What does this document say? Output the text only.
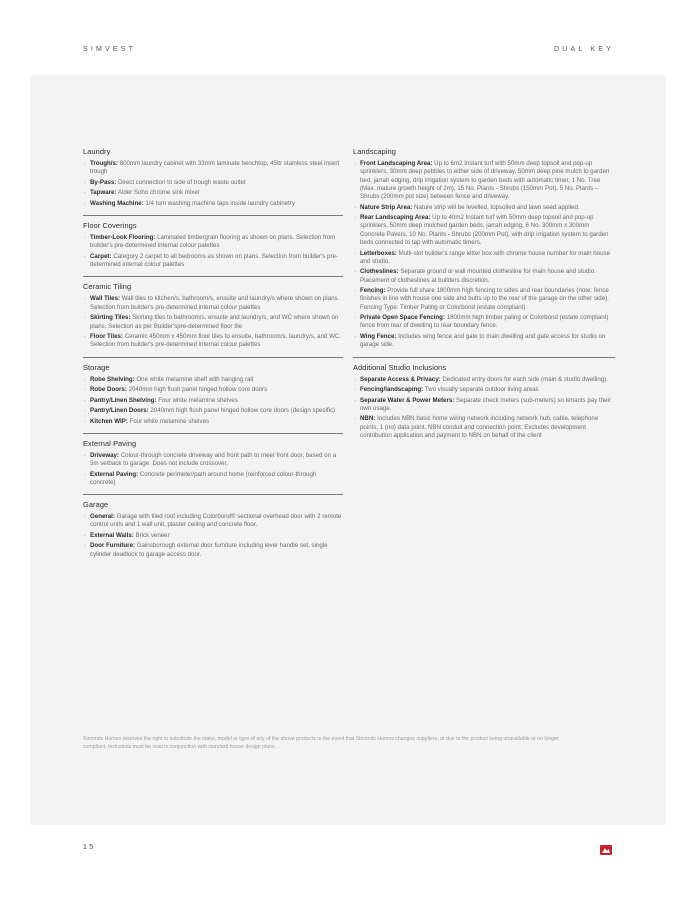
SIMVEST	DUAL KEY
Laundry
· Trough/s: 800mm laundry cabinet with 33mm laminate benchtop, 45ltr stainless steel insert trough
· By-Pass: Direct connection to side of trough waste outlet
· Tapware: Alder Soho chrome sink mixer
· Washing Machine: 1/4 turn washing machine taps inside laundry cabinetry
Floor Coverings
· Timber-Look Flooring: Laminated timbergrain flooring as shown on plans. Selection from builder's pre-determined internal colour palettes
· Carpet: Category 2 carpet to all bedrooms as shown on plans. Selection from builder's pre-determined internal colour palettes
Ceramic Tiling
· Wall Tiles: Wall tiles to kitchen/s, bathroom/s, ensuite and laundry/s where shown on plans. Selection from builder's pre-determined internal colour palettes
· Skirting Tiles: Skirting tiles to bathroom/s, ensuite and laundry/s, and WC where shown on plans. Selection as per Builder'spre-determined floor tile
· Floor Tiles: Ceramic 450mm x 450mm floor tiles to ensuite, bathroom/s, laundry/s, and WC. Selection from builder's pre-determined internal colour palettes
Storage
· Robe Shelving: One white melamine shelf with hanging rail
· Robe Doors: 2040mm high flush panel hinged hollow core doors
· Pantry/Linen Shelving: Four white melamine shelves
· Pantry/Linen Doors: 2040mm high flush panel hinged hollow core doors (design specific)
· Kitchen WIP: Four white melamine shelves
External Paving
· Driveway: Colour-through concrete driveway and front path to meet front door, based on a 5m setback to garage. Does not include crossover.
· External Paving: Concrete perimeter/path around home (reinforced colour-through concrete)
Garage
· General: Garage with tiled roof including Colorbond® sectional overhead door with 2 remote control units and 1 wall unit, plaster ceiling and concrete floor.
· External Walls: Brick veneer
· Door Furniture: Gainsborough external door furniture including lever handle set, single cylinder deadlock to garage access door.
Landscaping
· Front Landscaping Area: Up to 6m2 Instant turf with 50mm deep topsoil and pop-up sprinklers, 30mm deep pebbles to either side of driveway, 50mm deep pine mulch to garden bed, jarrah edging, drip irrigation system to garden beds with automatic timer, 1 No. Tree (Max. mature growth height of 2m), 15 No. Plants - Shrubs (150mm Pot), 5 No. Plants – Shrubs (200mm pot size) between fence and driveway.
· Nature Strip Area: Nature strip will be levelled, topsoiled and lawn seed applied.
· Rear Landscaping Area: Up to 40m2 Instant turf with 50mm deep topsoil and pop-up sprinklers, 50mm deep mulched garden beds, jarrah edging, 6 No. 300mm x 300mm Concrete Pavers, 10 No. Plants - Shrubs (200mm Pot), with drip irrigation system to garden beds connected to tap with automatic timers.
· Letterboxes: Multi-slot builder's range letter box with chrome house number for main house and studio.
· Clotheslines: Separate ground or wall mounted clothesline for main house and studio. Placement of clotheslines at builders discretion.
· Fencing: Provide full share 1800mm high fencing to sides and rear boundaries (note: fence finishes in line with house one side and butts up to the rear of the garage on the other side). Fencing Type: Timber Paling or Colorbond (estate compliant).
· Private Open Space Fencing: 1800mm high timber paling or Colorbond (estate compliant) fence from rear of dwelling to rear boundary fence.
· Wing Fence: Includes wing fence and gate to main dwelling and gate access for studio on garage side.
Additional Studio Inclusions
· Separate Access & Privacy: Dedicated entry doors for each side (main & studio dwelling).
· Fencing/landscaping: Two visually separate outdoor living areas
· Separate Water & Power Meters: Separate check meters (sub-meters) so tenants pay their own usage.
· NBN: Includes NBN basic home wiring network including network hub, cable, telephone points, 1 (no) data point, NBN conduit and connection point. Excludes development contribution application and payment to NBN on behalf of the client
Simonds Homes reserves the right to substitute the make, model or type of any of the above products in the event that Simonds Homes changes suppliers, or due to the product being unavailable or no longer compliant. Inclusions must be read in conjunction with standard house design plans.
15
